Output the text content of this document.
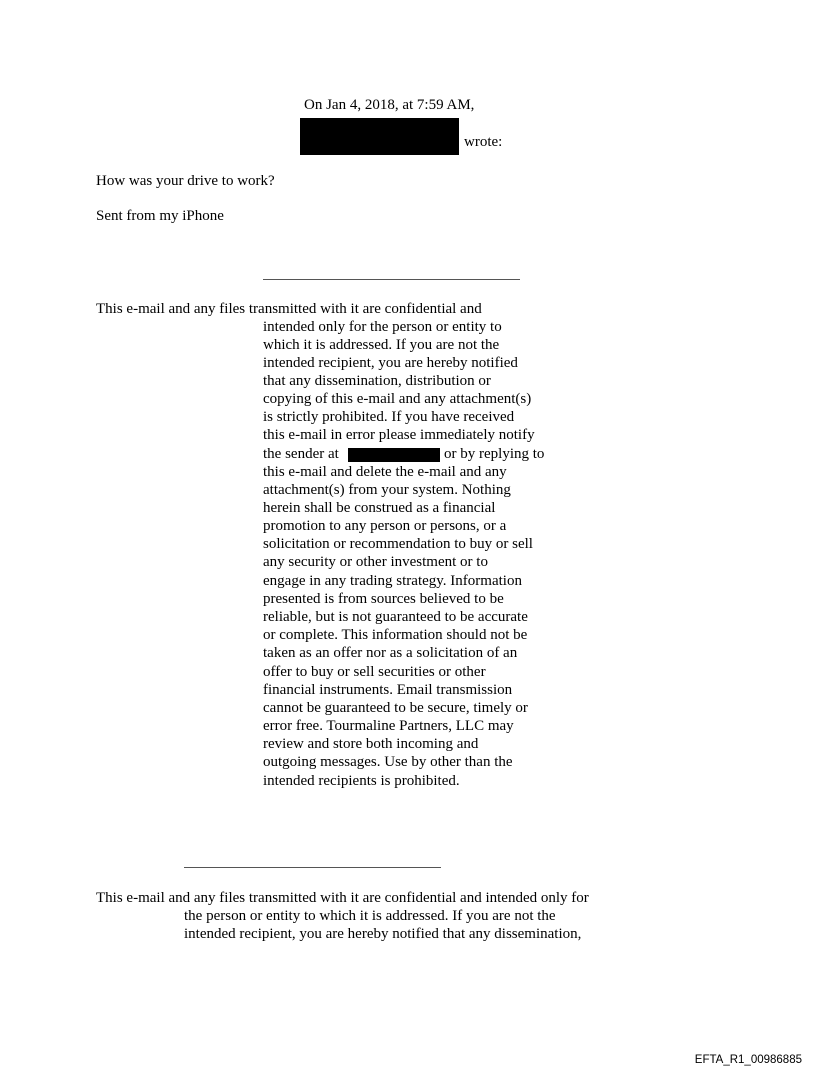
On Jan 4, 2018, at 7:59 AM,
wrote:
How was your drive to work?
Sent from my iPhone
This e-mail and any files transmitted with it are confidential and
intended only for the person or entity to
which it is addressed. If you are not the
intended recipient, you are hereby notified
that any dissemination, distribution or
copying of this e-mail and any attachment(s)
is strictly prohibited. If you have received
this e-mail in error please immediately notify
the sender at	or by replying to
this e-mail and delete the e-mail and any
attachment(s) from your system. Nothing
herein shall be construed as a financial
promotion to any person or persons, or a
solicitation or recommendation to buy or sell
any security or other investment or to
engage in any trading strategy. Information
presented is from sources believed to be
reliable, but is not guaranteed to be accurate
or complete. This information should not be
taken as an offer nor as a solicitation of an
offer to buy or sell securities or other
financial instruments. Email transmission
cannot be guaranteed to be secure, timely or
error free. Tourmaline Partners, LLC may
review and store both incoming and
outgoing messages. Use by other than the
intended recipients is prohibited.
This e-mail and any files transmitted with it are confidential and intended only for
the person or entity to which it is addressed. If you are not the
intended recipient, you are hereby notified that any dissemination,
EFTA_R1_00986885
